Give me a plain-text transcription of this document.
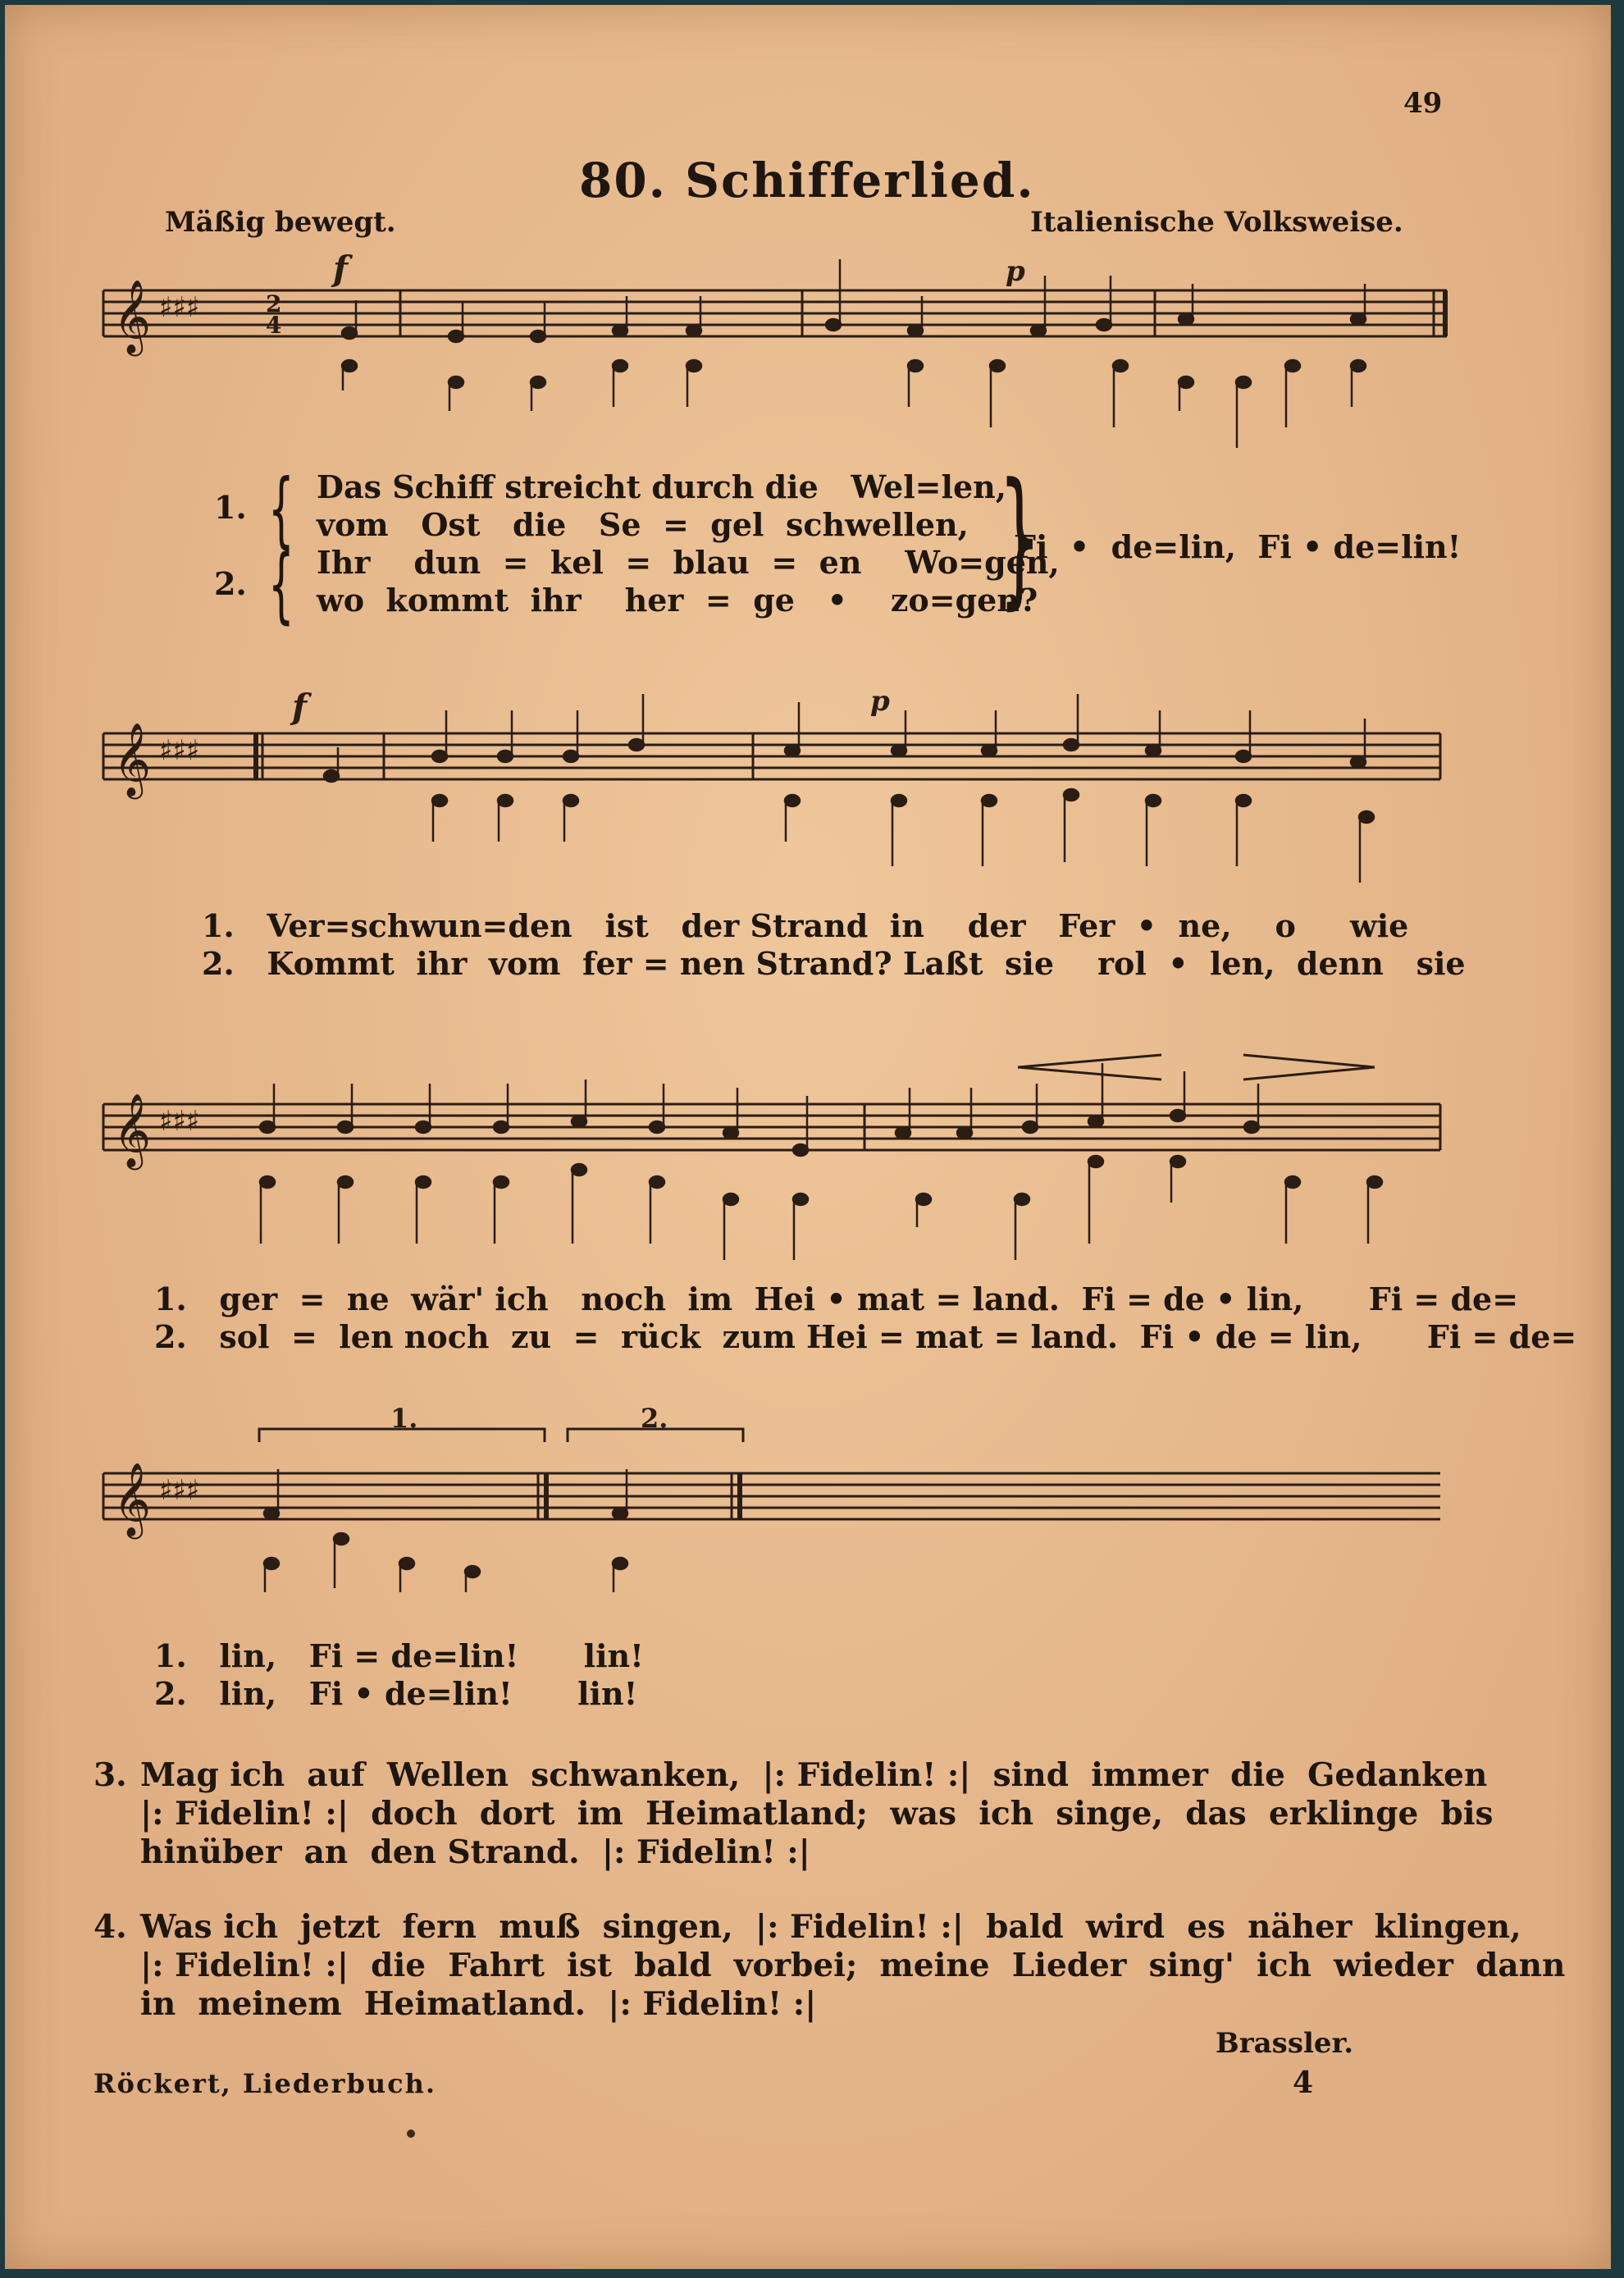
49
80. Schifferlied.
Mäßig bewegt.	Italienische Volksweise.
𝄞 ♯♯♯	2
4
f	p
1.
2.
{
{
Das Schiff streicht durch die   Wel=len,
vom   Ost   die   Se  =  gel  schwellen,
Ihr    dun  =  kel  =  blau  =  en    Wo=gen,
wo  kommt  ihr    her  =  ge   •    zo=gen?
}
Fi  •  de=lin,  Fi • de=lin!
𝄞 ♯♯♯
f	p
1. Ver=schwun=den   ist   der Strand  in    der   Fer  •  ne,    o     wie
2. Kommt  ihr  vom  fer = nen Strand? Laßt  sie    rol  •  len,  denn   sie
𝄞 ♯♯♯
1. ger  =  ne  wär' ich   noch  im  Hei • mat = land.  Fi = de • lin,      Fi = de=
2. sol  =  len noch  zu  =  rück  zum Hei = mat = land.  Fi • de = lin,      Fi = de=
𝄞 ♯♯♯
1.	2.
1. lin,   Fi = de=lin!      lin!
2. lin,   Fi • de=lin!      lin!
3. Mag ich  auf  Wellen  schwanken,  |: Fidelin! :|  sind  immer  die  Gedanken
|: Fidelin! :|  doch  dort  im  Heimatland;  was  ich  singe,  das  erklinge  bis
hinüber  an  den Strand.  |: Fidelin! :|
4. Was ich  jetzt  fern  muß  singen,  |: Fidelin! :|  bald  wird  es  näher  klingen,
|: Fidelin! :|  die  Fahrt  ist  bald  vorbei;  meine  Lieder  sing'  ich  wieder  dann
in  meinem  Heimatland.  |: Fidelin! :|
Brassler.
Röckert, Liederbuch.	4
